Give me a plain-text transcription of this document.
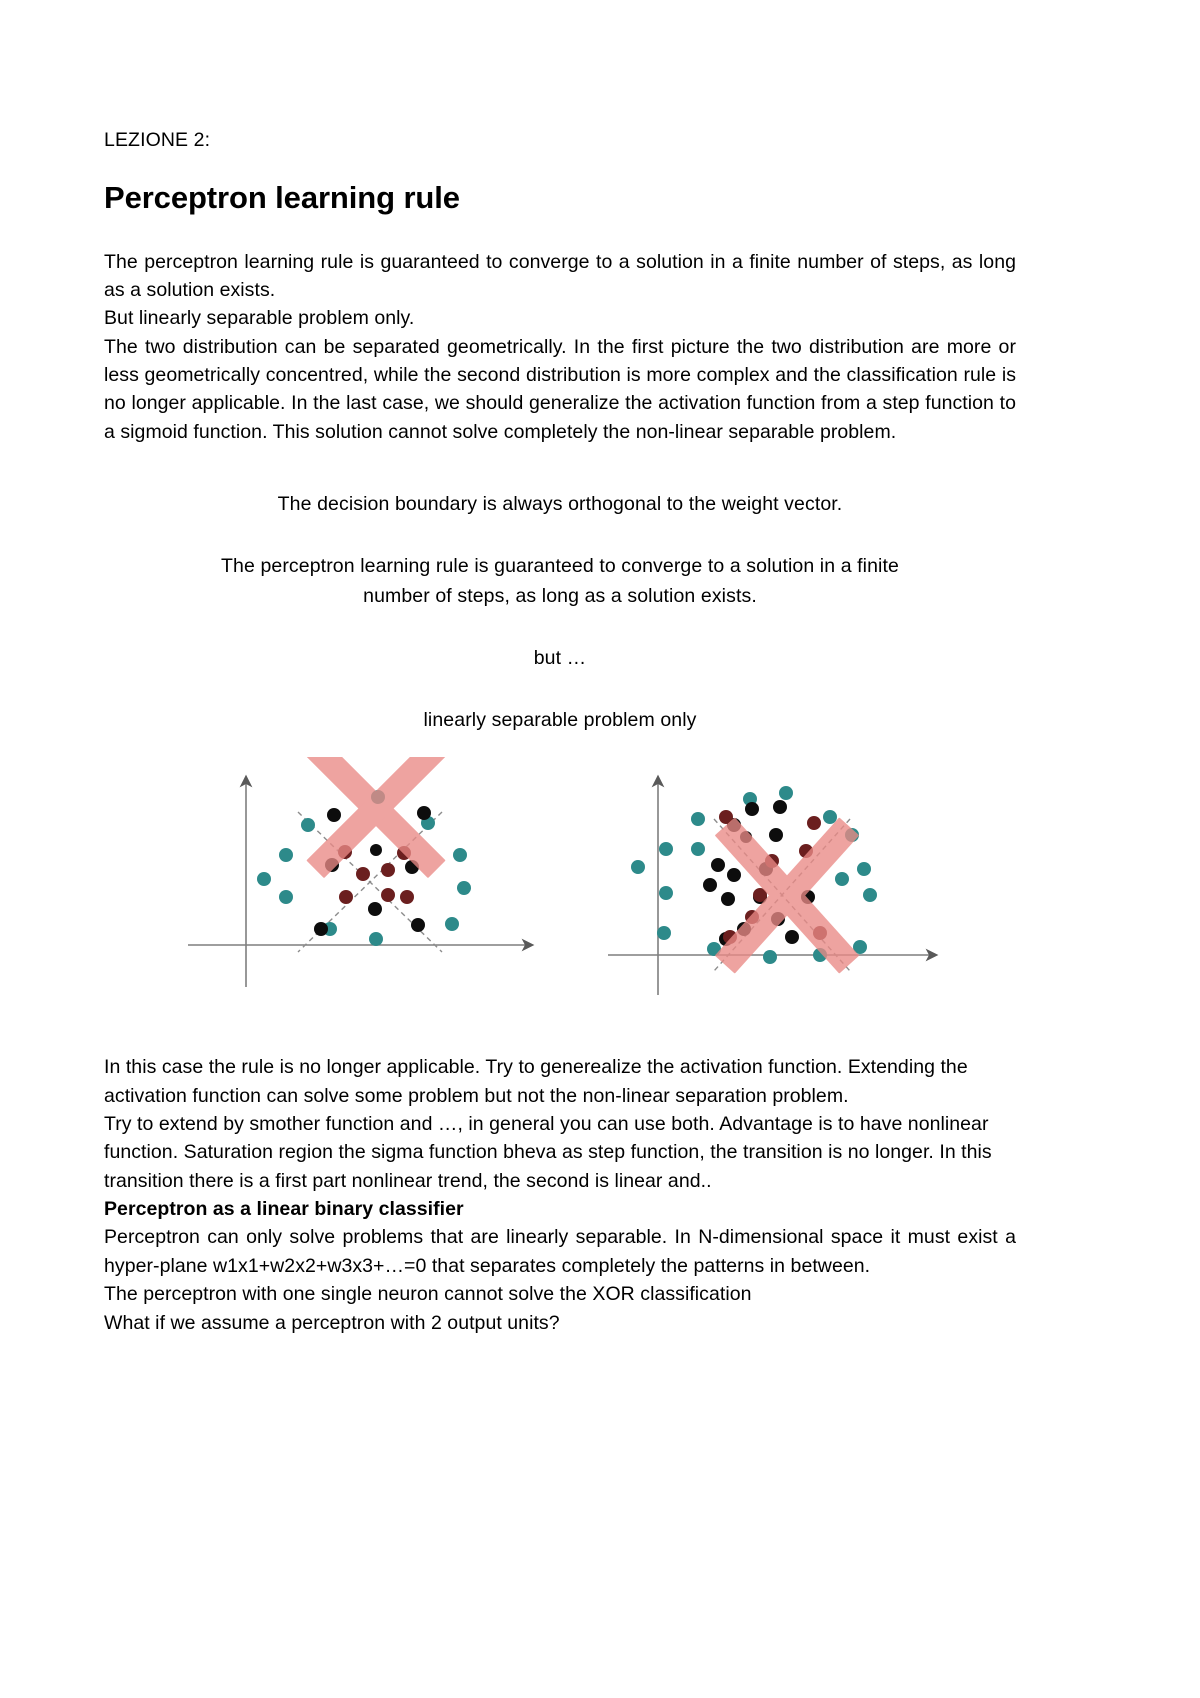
LEZIONE 2:
Perceptron learning rule

The perceptron learning rule is guaranteed to converge to a solution in a finite number of steps, as long as a solution exists.

But linearly separable problem only.

The two distribution can be separated geometrically. In the first picture the two distribution are more or less geometrically concentred, while the second distribution is more complex and the classification rule is no longer applicable. In the last case, we should generalize the activation function from a step function to a sigmoid function. This solution cannot solve completely the non-linear separable problem.

The decision boundary is always orthogonal to the weight vector.
The perceptron learning rule is guaranteed to converge to a solution in a finite number of steps, as long as a solution exists.
but …
linearly separable problem only

In this case the rule is no longer applicable. Try to generealize the activation function. Extending the activation function can solve some problem but not the non-linear separation problem.

Try to extend by smother function and …, in general you can use both. Advantage is to have nonlinear function. Saturation region the sigma function bheva as step function, the transition is no longer. In this transition there is a first part nonlinear trend, the second is linear and..

Perceptron as a linear binary classifier

Perceptron can only solve problems that are linearly separable. In N-dimensional space it must exist a hyper-plane w1x1+w2x2+w3x3+…=0 that separates completely the patterns in between.

The perceptron with one single neuron cannot solve the XOR classification

What if we assume a perceptron with 2 output units?
